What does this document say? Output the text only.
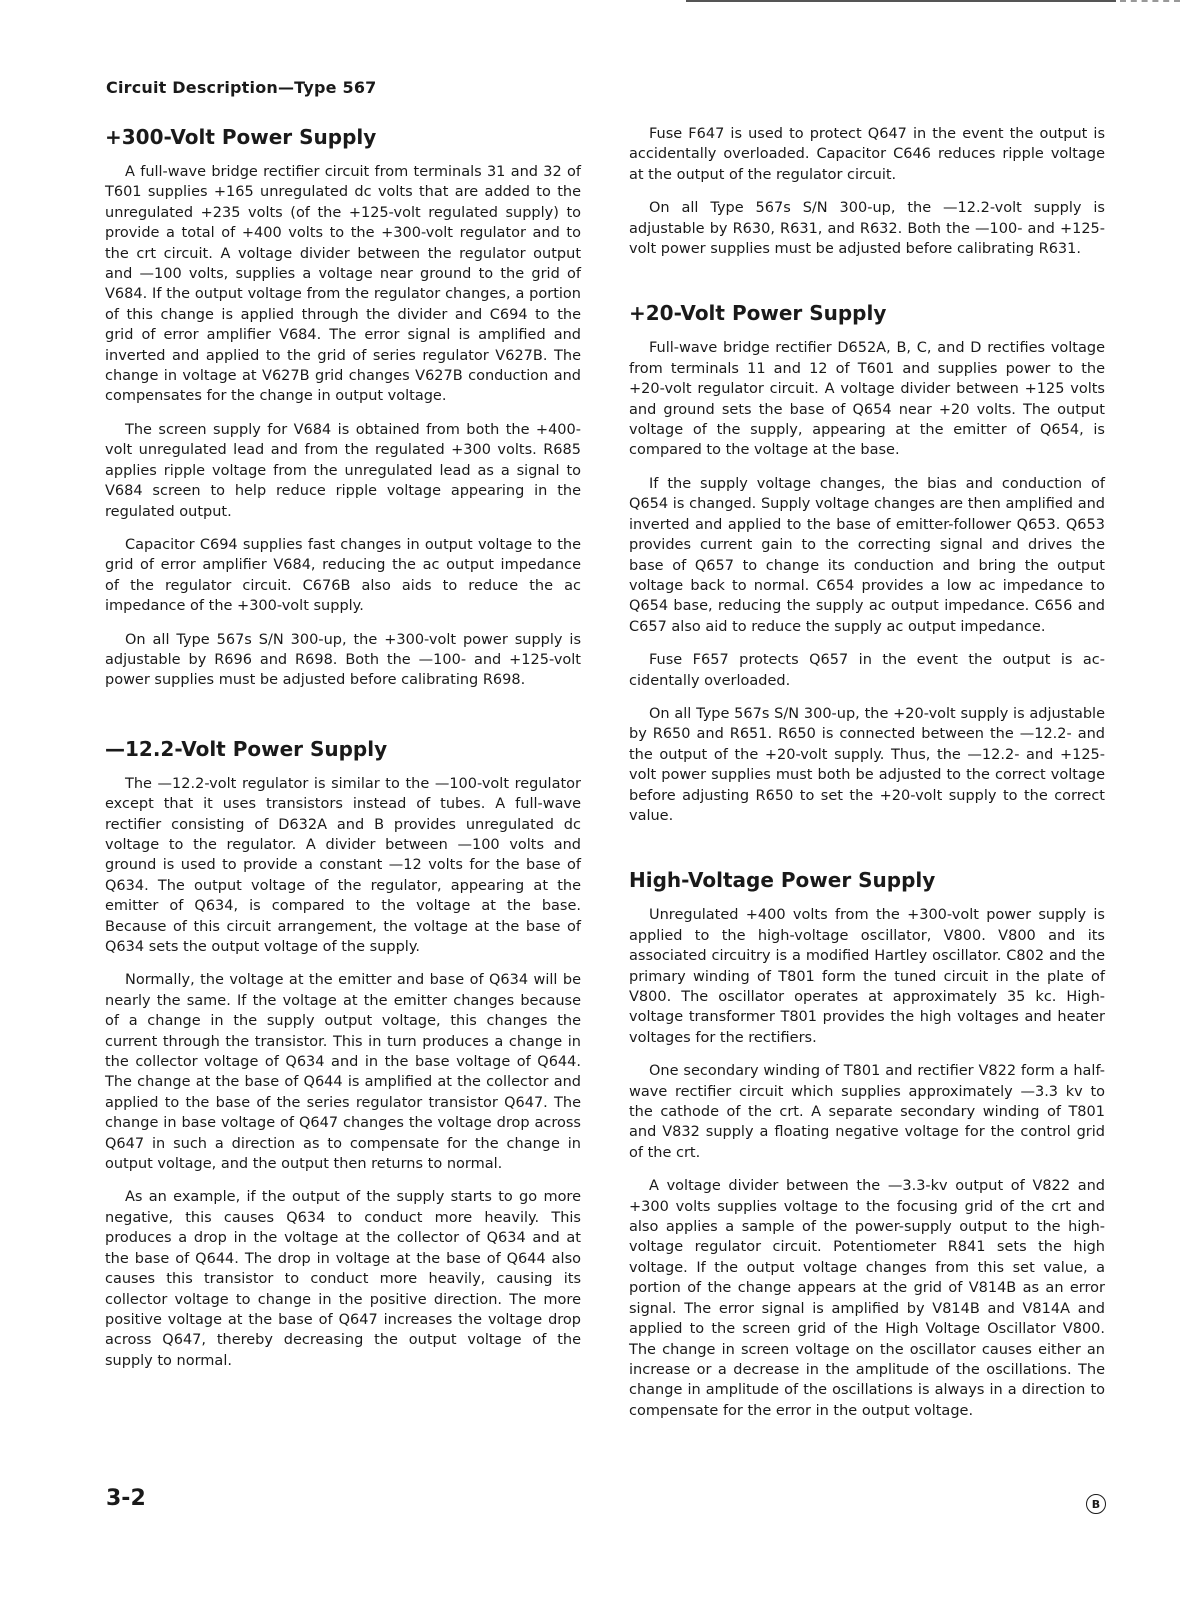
Circuit Description—Type 567
+300-Volt Power Supply

A full-wave bridge rectifier circuit from terminals 31 and 32 of T601 supplies +165 unregulated dc volts that are added to the unregulated +235 volts (of the +125-volt regulated supply) to provide a total of +400 volts to the +300-volt regulator and to the crt circuit. A voltage divider between the regulator output and —100 volts, supplies a voltage near ground to the grid of V684. If the output voltage from the regulator changes, a portion of this change is applied through the divider and C694 to the grid of error amplifier V684. The error signal is amplified and inverted and applied to the grid of series regulator V627B. The change in voltage at V627B grid changes V627B conduction and compensates for the change in output voltage.

The screen supply for V684 is obtained from both the +400-volt unregulated lead and from the regulated +300 volts. R685 applies ripple voltage from the unregulated lead as a signal to V684 screen to help reduce ripple voltage appearing in the regulated output.

Capacitor C694 supplies fast changes in output voltage to the grid of error amplifier V684, reducing the ac output impedance of the regulator circuit. C676B also aids to reduce the ac impedance of the +300-volt supply.

On all Type 567s S/N 300-up, the +300-volt power supply is adjustable by R696 and R698. Both the —100- and +125-volt power supplies must be adjusted before calibrating R698.

—12.2-Volt Power Supply

The —12.2-volt regulator is similar to the —100-volt regulator except that it uses transistors instead of tubes. A full-wave rectifier consisting of D632A and B provides unregulated dc voltage to the regulator. A divider between —100 volts and ground is used to provide a constant —12 volts for the base of Q634. The output voltage of the regulator, appearing at the emitter of Q634, is compared to the voltage at the base. Because of this circuit arrangement, the voltage at the base of Q634 sets the output voltage of the supply.

Normally, the voltage at the emitter and base of Q634 will be nearly the same. If the voltage at the emitter changes because of a change in the supply output voltage, this changes the current through the transistor. This in turn produces a change in the collector voltage of Q634 and in the base voltage of Q644. The change at the base of Q644 is amplified at the collector and applied to the base of the series regulator transistor Q647. The change in base voltage of Q647 changes the voltage drop across Q647 in such a direction as to compensate for the change in output voltage, and the output then returns to normal.

As an example, if the output of the supply starts to go more negative, this causes Q634 to conduct more heavily. This produces a drop in the voltage at the collector of Q634 and at the base of Q644. The drop in voltage at the base of Q644 also causes this transistor to conduct more heavily, causing its collector voltage to change in the positive direction. The more positive voltage at the base of Q647 increases the voltage drop across Q647, thereby decreasing the output voltage of the supply to normal.

Fuse F647 is used to protect Q647 in the event the output is accidentally overloaded. Capacitor C646 reduces ripple voltage at the output of the regulator circuit.

On all Type 567s S/N 300-up, the —12.2-volt supply is adjustable by R630, R631, and R632. Both the —100- and +125-volt power supplies must be adjusted before calibrating R631.

+20-Volt Power Supply

Full-wave bridge rectifier D652A, B, C, and D rectifies voltage from terminals 11 and 12 of T601 and supplies power to the +20-volt regulator circuit. A voltage divider between +125 volts and ground sets the base of Q654 near +20 volts. The output voltage of the supply, appearing at the emitter of Q654, is compared to the voltage at the base.

If the supply voltage changes, the bias and conduction of Q654 is changed. Supply voltage changes are then amplified and inverted and applied to the base of emitter-follower Q653. Q653 provides current gain to the correcting signal and drives the base of Q657 to change its conduction and bring the output voltage back to normal. C654 provides a low ac impedance to Q654 base, reducing the supply ac output impedance. C656 and C657 also aid to reduce the supply ac output impedance.

Fuse F657 protects Q657 in the event the output is accidentally overloaded.

On all Type 567s S/N 300-up, the +20-volt supply is adjustable by R650 and R651. R650 is connected between the —12.2- and the output of the +20-volt supply. Thus, the —12.2- and +125-volt power supplies must both be adjusted to the correct voltage before adjusting R650 to set the +20-volt supply to the correct value.

High-Voltage Power Supply

Unregulated +400 volts from the +300-volt power supply is applied to the high-voltage oscillator, V800. V800 and its associated circuitry is a modified Hartley oscillator. C802 and the primary winding of T801 form the tuned circuit in the plate of V800. The oscillator operates at approximately 35 kc. High-voltage transformer T801 provides the high voltages and heater voltages for the rectifiers.

One secondary winding of T801 and rectifier V822 form a half-wave rectifier circuit which supplies approximately —3.3 kv to the cathode of the crt. A separate secondary winding of T801 and V832 supply a floating negative voltage for the control grid of the crt.

A voltage divider between the —3.3-kv output of V822 and +300 volts supplies voltage to the focusing grid of the crt and also applies a sample of the power-supply output to the high-voltage regulator circuit. Potentiometer R841 sets the high voltage. If the output voltage changes from this set value, a portion of the change appears at the grid of V814B as an error signal. The error signal is amplified by V814B and V814A and applied to the screen grid of the High Voltage Oscillator V800. The change in screen voltage on the oscillator causes either an increase or a decrease in the amplitude of the oscillations. The change in amplitude of the oscillations is always in a direction to compensate for the error in the output voltage.

3-2	B
